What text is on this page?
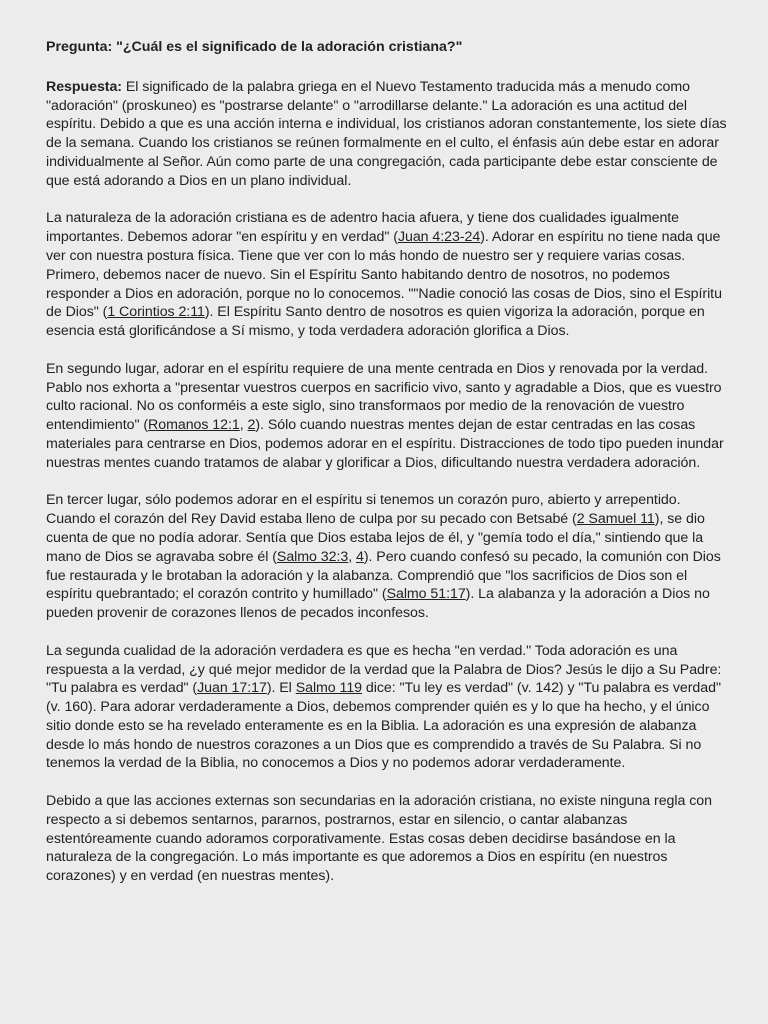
Pregunta: "¿Cuál es el significado de la adoración cristiana?"

Respuesta: El significado de la palabra griega en el Nuevo Testamento traducida más a menudo como "adoración" (proskuneo) es "postrarse delante" o "arrodillarse delante." La adoración es una actitud del espíritu. Debido a que es una acción interna e individual, los cristianos adoran constantemente, los siete días de la semana. Cuando los cristianos se reúnen formalmente en el culto, el énfasis aún debe estar en adorar individualmente al Señor. Aún como parte de una congregación, cada participante debe estar consciente de que está adorando a Dios en un plano individual.

La naturaleza de la adoración cristiana es de adentro hacia afuera, y tiene dos cualidades igualmente importantes. Debemos adorar "en espíritu y en verdad" (Juan 4:23-24). Adorar en espíritu no tiene nada que ver con nuestra postura física. Tiene que ver con lo más hondo de nuestro ser y requiere varias cosas. Primero, debemos nacer de nuevo. Sin el Espíritu Santo habitando dentro de nosotros, no podemos responder a Dios en adoración, porque no lo conocemos. ""Nadie conoció las cosas de Dios, sino el Espíritu de Dios" (1 Corintios 2:11). El Espíritu Santo dentro de nosotros es quien vigoriza la adoración, porque en esencia está glorificándose a Sí mismo, y toda verdadera adoración glorifica a Dios.

En segundo lugar, adorar en el espíritu requiere de una mente centrada en Dios y renovada por la verdad. Pablo nos exhorta a "presentar vuestros cuerpos en sacrificio vivo, santo y agradable a Dios, que es vuestro culto racional. No os conforméis a este siglo, sino transformaos por medio de la renovación de vuestro entendimiento" (Romanos 12:1, 2). Sólo cuando nuestras mentes dejan de estar centradas en las cosas materiales para centrarse en Dios, podemos adorar en el espíritu. Distracciones de todo tipo pueden inundar nuestras mentes cuando tratamos de alabar y glorificar a Dios, dificultando nuestra verdadera adoración.

En tercer lugar, sólo podemos adorar en el espíritu si tenemos un corazón puro, abierto y arrepentido. Cuando el corazón del Rey David estaba lleno de culpa por su pecado con Betsabé (2 Samuel 11), se dio cuenta de que no podía adorar. Sentía que Dios estaba lejos de él, y "gemía todo el día," sintiendo que la mano de Dios se agravaba sobre él (Salmo 32:3, 4). Pero cuando confesó su pecado, la comunión con Dios fue restaurada y le brotaban la adoración y la alabanza. Comprendió que "los sacrificios de Dios son el espíritu quebrantado; el corazón contrito y humillado" (Salmo 51:17). La alabanza y la adoración a Dios no pueden provenir de corazones llenos de pecados inconfesos.

La segunda cualidad de la adoración verdadera es que es hecha "en verdad." Toda adoración es una respuesta a la verdad, ¿y qué mejor medidor de la verdad que la Palabra de Dios? Jesús le dijo a Su Padre: "Tu palabra es verdad" (Juan 17:17). El Salmo 119 dice: "Tu ley es verdad" (v. 142) y "Tu palabra es verdad" (v. 160). Para adorar verdaderamente a Dios, debemos comprender quién es y lo que ha hecho, y el único sitio donde esto se ha revelado enteramente es en la Biblia. La adoración es una expresión de alabanza desde lo más hondo de nuestros corazones a un Dios que es comprendido a través de Su Palabra. Si no tenemos la verdad de la Biblia, no conocemos a Dios y no podemos adorar verdaderamente.

Debido a que las acciones externas son secundarias en la adoración cristiana, no existe ninguna regla con respecto a si debemos sentarnos, pararnos, postrarnos, estar en silencio, o cantar alabanzas estentóreamente cuando adoramos corporativamente. Estas cosas deben decidirse basándose en la naturaleza de la congregación. Lo más importante es que adoremos a Dios en espíritu (en nuestros corazones) y en verdad (en nuestras mentes).
